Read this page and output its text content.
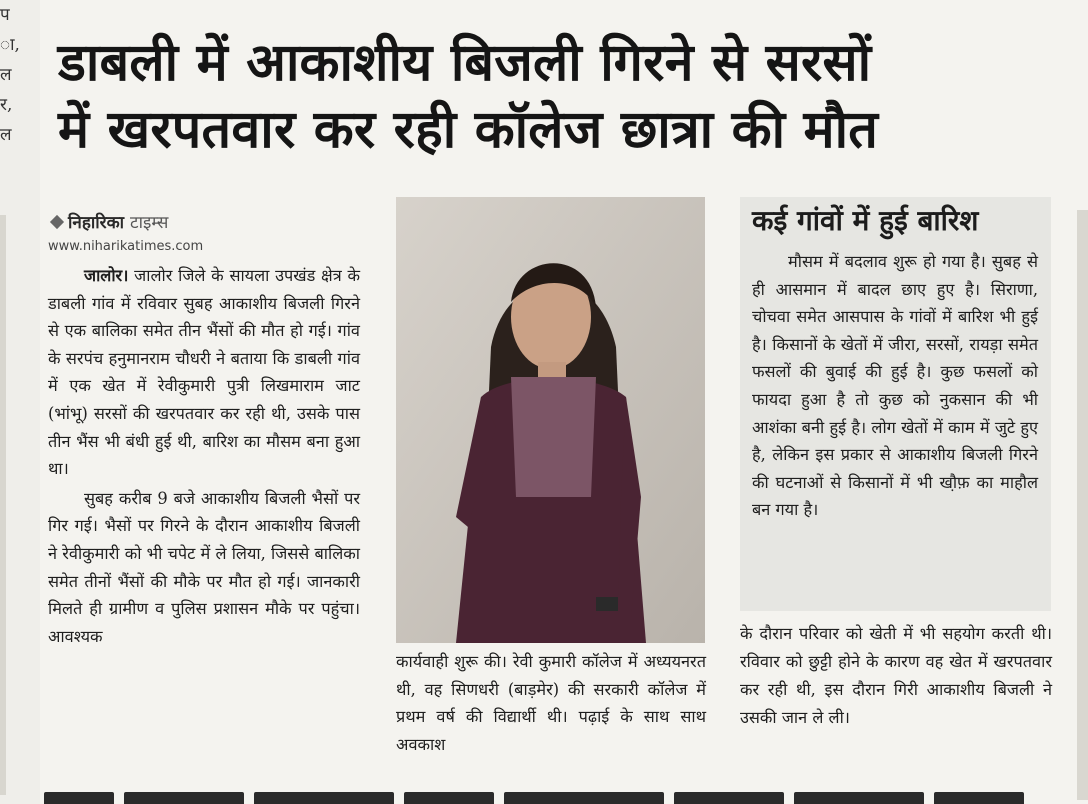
प
ा,
ल
र,
ल
डाबली में आकाशीय बिजली गिरने से सरसों
में खरपतवार कर रही कॉलेज छात्रा की मौत
निहारिका टाइम्स
www.niharikatimes.com

जालोर। जालोर जिले के सायला उपखंड क्षेत्र के डाबली गांव में रविवार सुबह आकाशीय बिजली गिरने से एक बालिका समेत तीन भैंसों की मौत हो गई। गांव के सरपंच हनुमानराम चौधरी ने बताया कि डाबली गांव में एक खेत में रेवीकुमारी पुत्री लिखमाराम जाट (भांभू) सरसों की खरपतवार कर रही थी, उसके पास तीन भैंस भी बंधी हुई थी, बारिश का मौसम बना हुआ था।

सुबह करीब 9 बजे आकाशीय बिजली भैसों पर गिर गई। भैसों पर गिरने के दौरान आकाशीय बिजली ने रेवीकुमारी को भी चपेट में ले लिया, जिससे बालिका समेत तीनों भैंसों की मौके पर मौत हो गई। जानकारी मिलते ही ग्रामीण व पुलिस प्रशासन मौके पर पहुंचा। आवश्यक

कार्यवाही शुरू की। रेवी कुमारी कॉलेज में अध्ययनरत थी, वह सिणधरी (बाड़मेर) की सरकारी कॉलेज में प्रथम वर्ष की विद्यार्थी थी। पढ़ाई के साथ साथ अवकाश
कई गांवों में हुई बारिश

मौसम में बदलाव शुरू हो गया है। सुबह से ही आसमान में बादल छाए हुए है। सिराणा, चोचवा समेत आसपास के गांवों में बारिश भी हुई है। किसानों के खेतों में जीरा, सरसों, रायड़ा समेत फसलों की बुवाई की हुई है। कुछ फसलों को फायदा हुआ है तो कुछ को नुकसान की भी आशंका बनी हुई है। लोग खेतों में काम में जुटे हुए है, लेकिन इस प्रकार से आकाशीय बिजली गिरने की घटनाओं से किसानों में भी खौ़फ़ का माहौल बन गया है।

के दौरान परिवार को खेती में भी सहयोग करती थी। रविवार को छुट्टी होने के कारण वह खेत में खरपतवार कर रही थी, इस दौरान गिरी आकाशीय बिजली ने उसकी जान ले ली।
